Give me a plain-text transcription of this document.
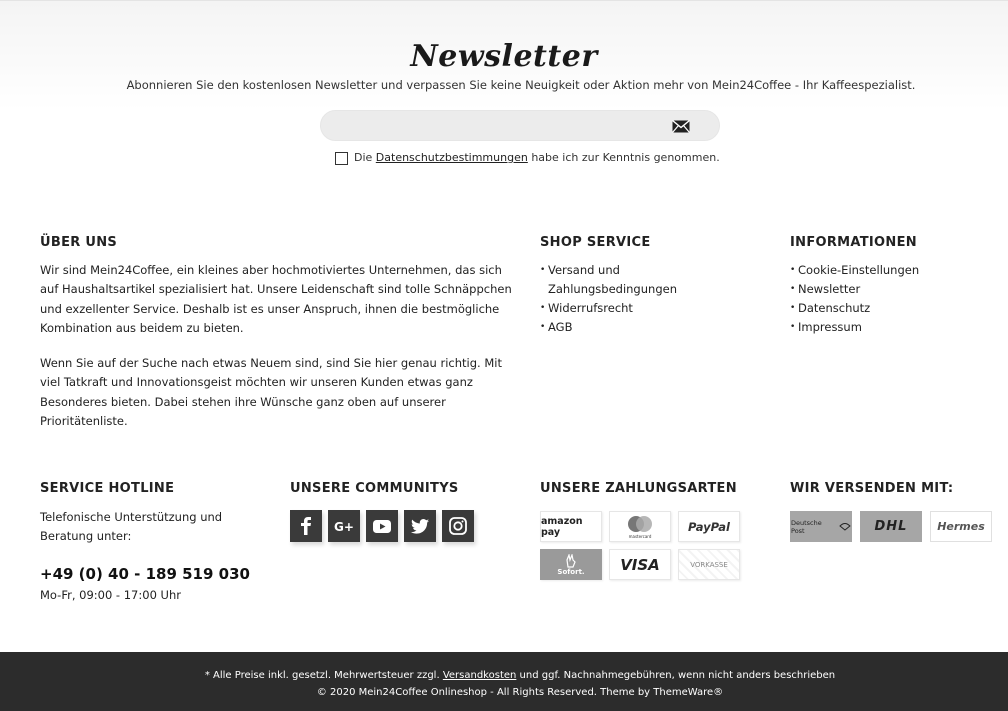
Newsletter

Abonnieren Sie den kostenlosen Newsletter und verpassen Sie keine Neuigkeit oder Aktion mehr von Mein24Coffee - Ihr Kaffeespezialist.

Die
Datenschutzbestimmungen
habe ich zur Kenntnis genommen.
ÜBER UNS
Wir sind Mein24Coffee, ein kleines aber hochmotiviertes Unternehmen, das sich
auf Haushaltsartikel spezialisiert hat. Unsere Leidenschaft sind tolle Schnäppchen
und exzellenter Service. Deshalb ist es unser Anspruch, ihnen die bestmögliche
Kombination aus beidem zu bieten.
Wenn Sie auf der Suche nach etwas Neuem sind, sind Sie hier genau richtig. Mit
viel Tatkraft und Innovationsgeist möchten wir unseren Kunden etwas ganz
Besonderes bieten. Dabei stehen ihre Wünsche ganz oben auf unserer
Prioritätenliste.
SHOP SERVICE
• Versand und
Zahlungsbedingungen
• Widerrufsrecht
• AGB
INFORMATIONEN
• Cookie-Einstellungen
• Newsletter
• Datenschutz
• Impressum
SERVICE HOTLINE
Telefonische Unterstützung und
Beratung unter:
+49 (0) 40 - 189 519 030
Mo-Fr, 09:00 - 17:00 Uhr
UNSERE COMMUNITYS
G+
UNSERE ZAHLUNGSARTEN
amazon pay	mastercard
PayPal
Sofort. VISA	VORKASSE
WIR VERSENDEN MIT:
Deutsche Post	DHL	Hermes
* Alle Preise inkl. gesetzl. Mehrwertsteuer zzgl. Versandkosten und ggf. Nachnahmegebühren, wenn nicht anders beschrieben
© 2020 Mein24Coffee Onlineshop - All Rights Reserved. Theme by ThemeWare®
